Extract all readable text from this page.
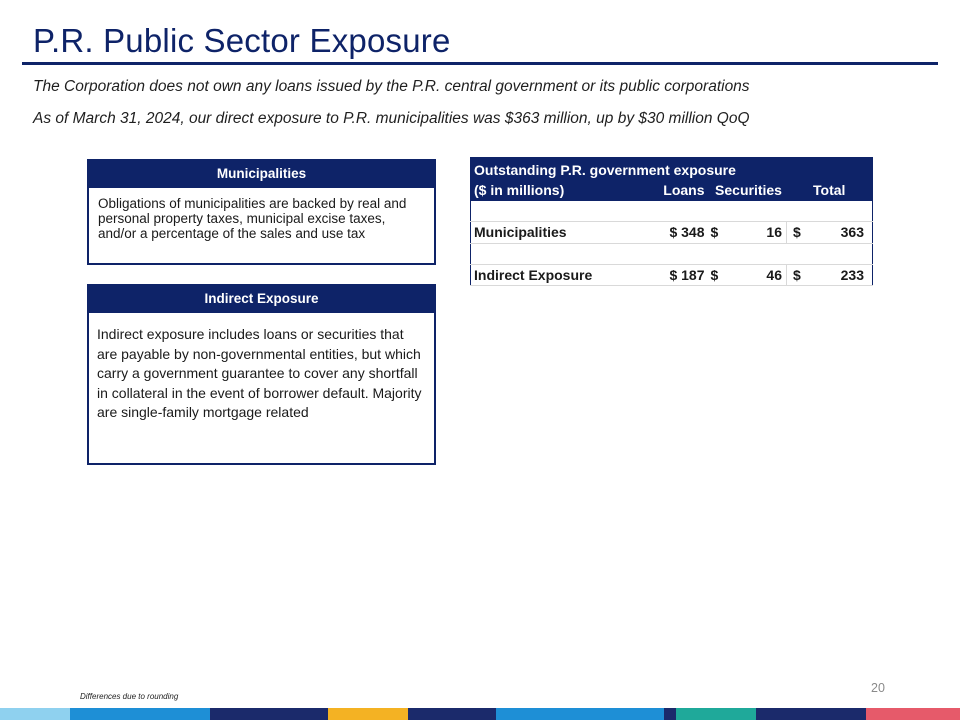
P.R. Public Sector Exposure
The Corporation does not own any loans issued by the P.R. central government or its public corporations
As of March 31, 2024, our direct exposure to P.R. municipalities was $363 million, up by $30 million QoQ
Municipalities
Obligations of municipalities are backed by real and personal property taxes, municipal excise taxes, and/or a percentage of the sales and use tax
Indirect Exposure
Indirect exposure includes loans or securities that are payable by non-governmental entities, but which carry a government guarantee to cover any shortfall in collateral in the event of borrower default. Majority are single-family mortgage related
Outstanding P.R. government exposure					
($ in millions)	Loans	Securities		Total	

Municipalities	$ 348	$	16	$	363

Indirect Exposure	$ 187	$	46	$	233
20
Differences due to rounding
